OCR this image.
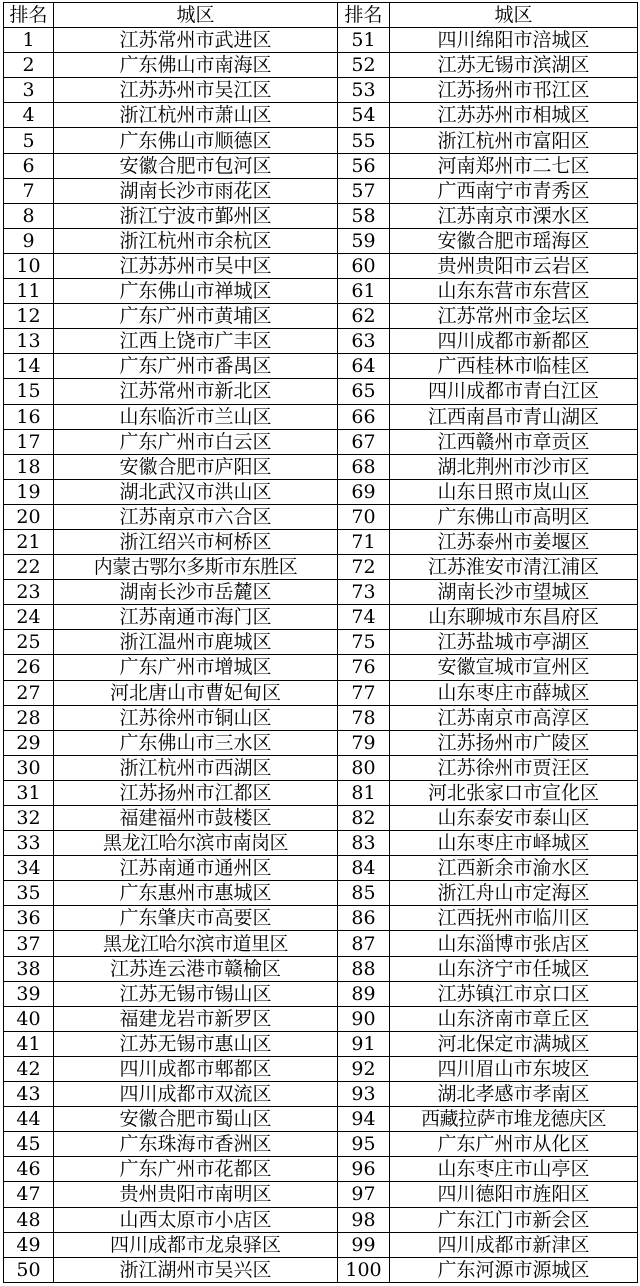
排名	城区	排名	城区
1	江苏常州市武进区	51	四川绵阳市涪城区
2	广东佛山市南海区	52	江苏无锡市滨湖区
3	江苏苏州市吴江区	53	江苏扬州市邗江区
4	浙江杭州市萧山区	54	江苏苏州市相城区
5	广东佛山市顺德区	55	浙江杭州市富阳区
6	安徽合肥市包河区	56	河南郑州市二七区
7	湖南长沙市雨花区	57	广西南宁市青秀区
8	浙江宁波市鄞州区	58	江苏南京市溧水区
9	浙江杭州市余杭区	59	安徽合肥市瑶海区
10	江苏苏州市吴中区	60	贵州贵阳市云岩区
11	广东佛山市禅城区	61	山东东营市东营区
12	广东广州市黄埔区	62	江苏常州市金坛区
13	江西上饶市广丰区	63	四川成都市新都区
14	广东广州市番禺区	64	广西桂林市临桂区
15	江苏常州市新北区	65	四川成都市青白江区
16	山东临沂市兰山区	66	江西南昌市青山湖区
17	广东广州市白云区	67	江西赣州市章贡区
18	安徽合肥市庐阳区	68	湖北荆州市沙市区
19	湖北武汉市洪山区	69	山东日照市岚山区
20	江苏南京市六合区	70	广东佛山市高明区
21	浙江绍兴市柯桥区	71	江苏泰州市姜堰区
22	内蒙古鄂尔多斯市东胜区	72	江苏淮安市清江浦区
23	湖南长沙市岳麓区	73	湖南长沙市望城区
24	江苏南通市海门区	74	山东聊城市东昌府区
25	浙江温州市鹿城区	75	江苏盐城市亭湖区
26	广东广州市增城区	76	安徽宣城市宣州区
27	河北唐山市曹妃甸区	77	山东枣庄市薛城区
28	江苏徐州市铜山区	78	江苏南京市高淳区
29	广东佛山市三水区	79	江苏扬州市广陵区
30	浙江杭州市西湖区	80	江苏徐州市贾汪区
31	江苏扬州市江都区	81	河北张家口市宣化区
32	福建福州市鼓楼区	82	山东泰安市泰山区
33	黑龙江哈尔滨市南岗区	83	山东枣庄市峄城区
34	江苏南通市通州区	84	江西新余市渝水区
35	广东惠州市惠城区	85	浙江舟山市定海区
36	广东肇庆市高要区	86	江西抚州市临川区
37	黑龙江哈尔滨市道里区	87	山东淄博市张店区
38	江苏连云港市赣榆区	88	山东济宁市任城区
39	江苏无锡市锡山区	89	江苏镇江市京口区
40	福建龙岩市新罗区	90	山东济南市章丘区
41	江苏无锡市惠山区	91	河北保定市满城区
42	四川成都市郫都区	92	四川眉山市东坡区
43	四川成都市双流区	93	湖北孝感市孝南区
44	安徽合肥市蜀山区	94	西藏拉萨市堆龙德庆区
45	广东珠海市香洲区	95	广东广州市从化区
46	广东广州市花都区	96	山东枣庄市山亭区
47	贵州贵阳市南明区	97	四川德阳市旌阳区
48	山西太原市小店区	98	广东江门市新会区
49	四川成都市龙泉驿区	99	四川成都市新津区
50	浙江湖州市吴兴区	100	广东河源市源城区
